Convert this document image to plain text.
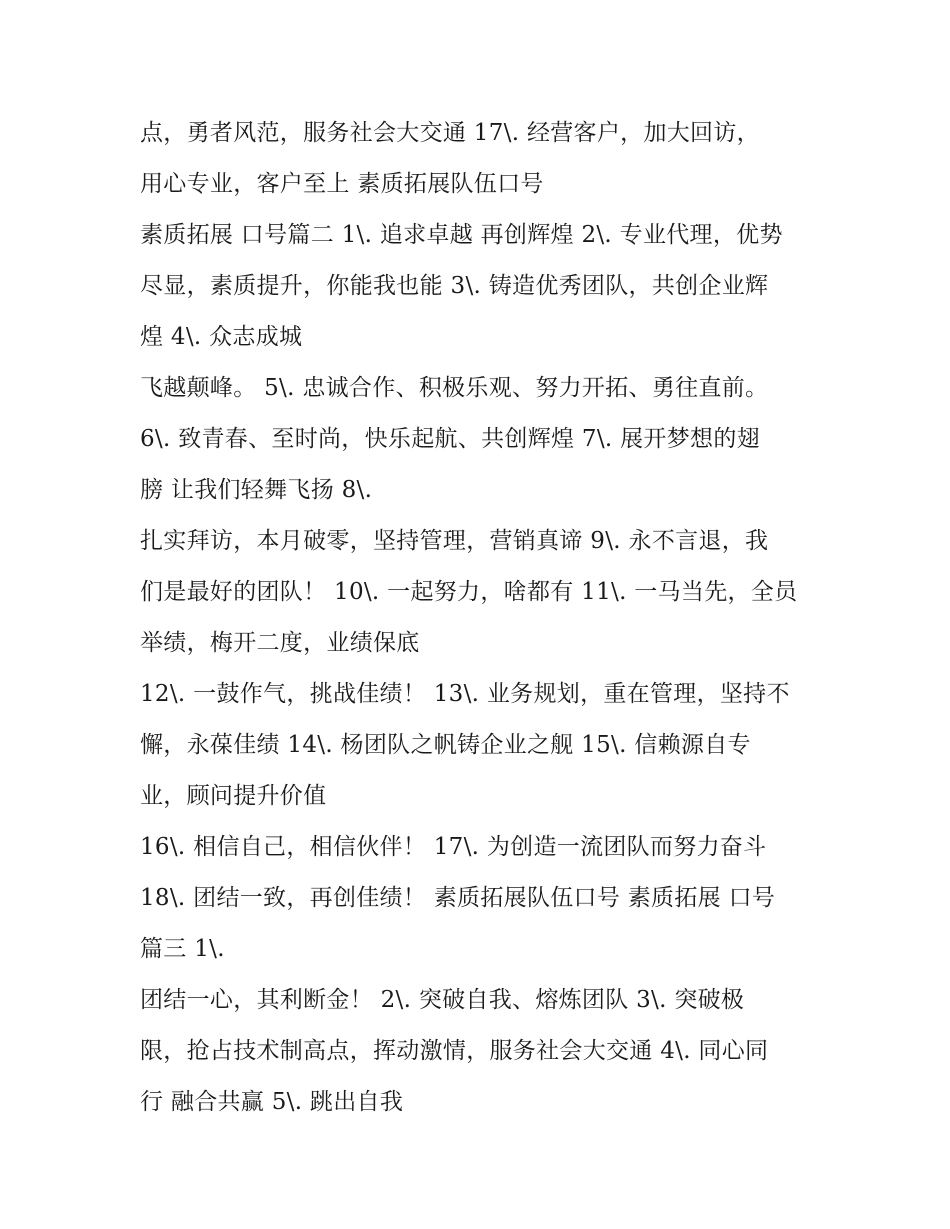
点，勇者风范，服务社会大交通 17\. 经营客户，加大回访，
用心专业，客户至上 素质拓展队伍口号
素质拓展 口号篇二 1\. 追求卓越 再创辉煌 2\. 专业代理，优势
尽显，素质提升，你能我也能 3\. 铸造优秀团队，共创企业辉
煌 4\. 众志成城
飞越颠峰。 5\. 忠诚合作、积极乐观、努力开拓、勇往直前。
6\. 致青春、至时尚，快乐起航、共创辉煌 7\. 展开梦想的翅
膀 让我们轻舞飞扬 8\.
扎实拜访，本月破零，坚持管理，营销真谛 9\. 永不言退，我
们是最好的团队！ 10\. 一起努力，啥都有 11\. 一马当先，全员
举绩，梅开二度，业绩保底
12\. 一鼓作气，挑战佳绩！ 13\. 业务规划，重在管理，坚持不
懈，永葆佳绩 14\. 杨团队之帆铸企业之舰 15\. 信赖源自专
业，顾问提升价值
16\. 相信自己，相信伙伴！ 17\. 为创造一流团队而努力奋斗
18\. 团结一致，再创佳绩！ 素质拓展队伍口号 素质拓展 口号
篇三 1\.
团结一心，其利断金！ 2\. 突破自我、熔炼团队 3\. 突破极
限，抢占技术制高点，挥动激情，服务社会大交通 4\. 同心同
行 融合共赢 5\. 跳出自我
